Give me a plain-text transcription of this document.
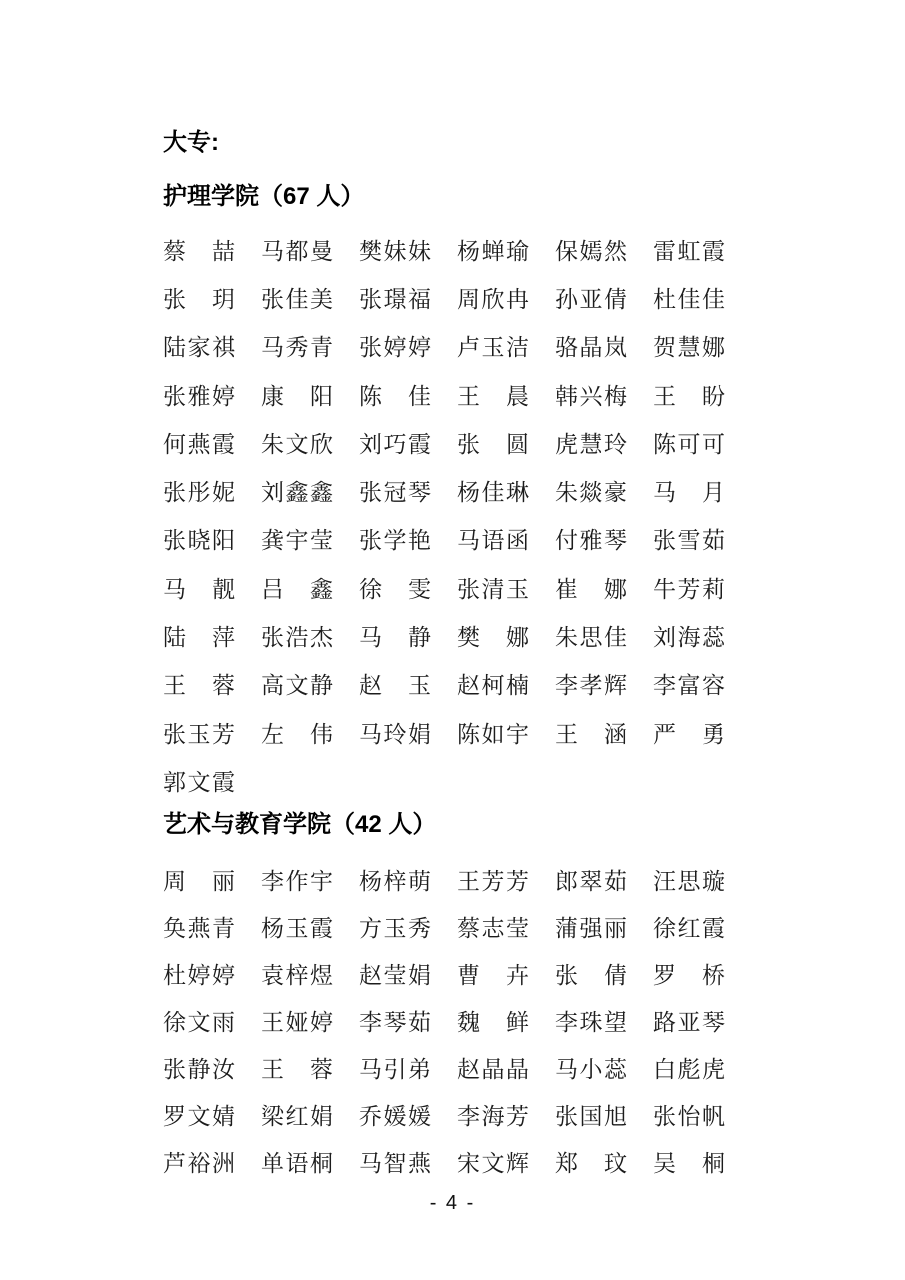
大专:
护理学院（67 人）
蔡喆 马都曼 樊妹妹 杨蝉瑜 保嫣然 雷虹霞
张玥 张佳美 张璟福 周欣冉 孙亚倩 杜佳佳
陆家祺 马秀青 张婷婷 卢玉洁 骆晶岚 贺慧娜
张雅婷 康阳 陈佳 王晨 韩兴梅 王盼
何燕霞 朱文欣 刘巧霞 张圆 虎慧玲 陈可可
张彤妮 刘鑫鑫 张冠琴 杨佳琳 朱燚豪 马月
张晓阳 龚宇莹 张学艳 马语函 付雅琴 张雪茹
马靓 吕鑫 徐雯 张清玉 崔娜 牛芳莉
陆萍 张浩杰 马静 樊娜 朱思佳 刘海蕊
王蓉 高文静 赵玉 赵柯楠 李孝辉 李富容
张玉芳 左伟 马玲娟 陈如宇 王涵 严勇
郭文霞
艺术与教育学院（42 人）
周丽 李作宇 杨梓萌 王芳芳 郎翠茹 汪思璇
奂燕青 杨玉霞 方玉秀 蔡志莹 蒲强丽 徐红霞
杜婷婷 袁梓煜 赵莹娟 曹卉 张倩 罗桥
徐文雨 王娅婷 李琴茹 魏鲜 李珠望 路亚琴
张静汝 王蓉 马引弟 赵晶晶 马小蕊 白彪虎
罗文婧 梁红娟 乔媛媛 李海芳 张国旭 张怡帆
芦裕洲 单语桐 马智燕 宋文辉 郑玟 吴桐
- 4 -
